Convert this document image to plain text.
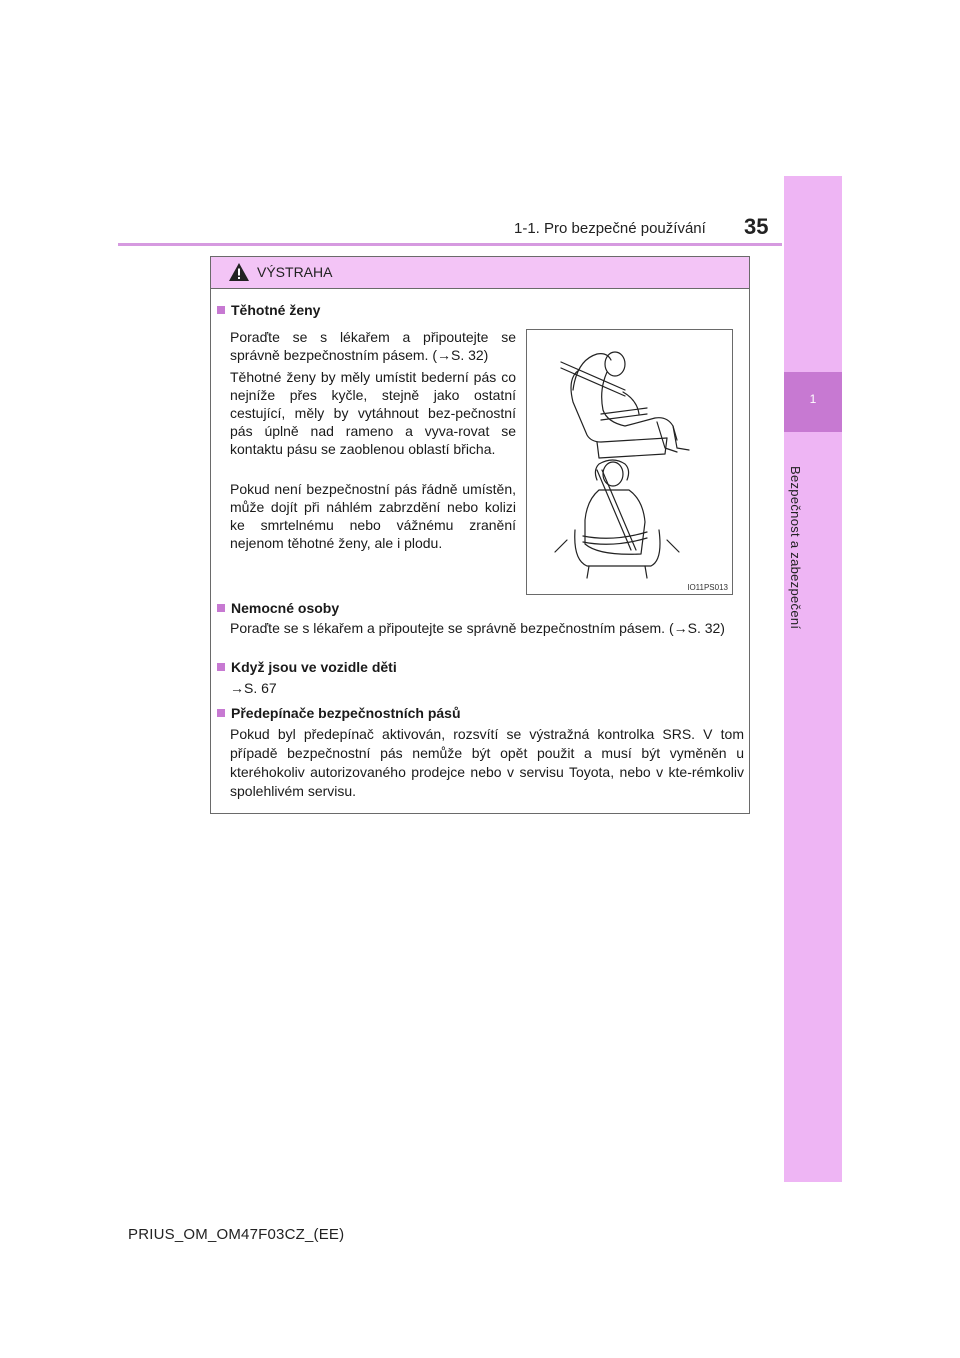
1-1. Pro bezpečné používání 35
1
Bezpečnost a zabezpečení
VÝSTRAHA
Těhotné ženy

Poraďte se s lékařem a připoutejte se správně bezpečnostním pásem. (→S. 32)

Těhotné ženy by měly umístit bederní pás co nejníže přes kyčle, stejně jako ostatní cestující, měly by vytáhnout bez-pečnostní pás úplně nad rameno a vyva-rovat se kontaktu pásu se zaoblenou oblastí břicha.

Pokud není bezpečnostní pás řádně umístěn, může dojít při náhlém zabrzdění nebo kolizi ke smrtelnému nebo vážnému zranění nejenom těhotné ženy, ale i plodu.

IO11PS013
Nemocné osoby

Poraďte se s lékařem a připoutejte se správně bezpečnostním pásem. (→S. 32)

Když jsou ve vozidle děti

→S. 67

Předepínače bezpečnostních pásů

Pokud byl předepínač aktivován, rozsvítí se výstražná kontrolka SRS. V tom případě bezpečnostní pás nemůže být opět použit a musí být vyměněn u kteréhokoliv autorizovaného prodejce nebo v servisu Toyota, nebo v kte-rémkoliv spolehlivém servisu.

PRIUS_OM_OM47F03CZ_(EE)
